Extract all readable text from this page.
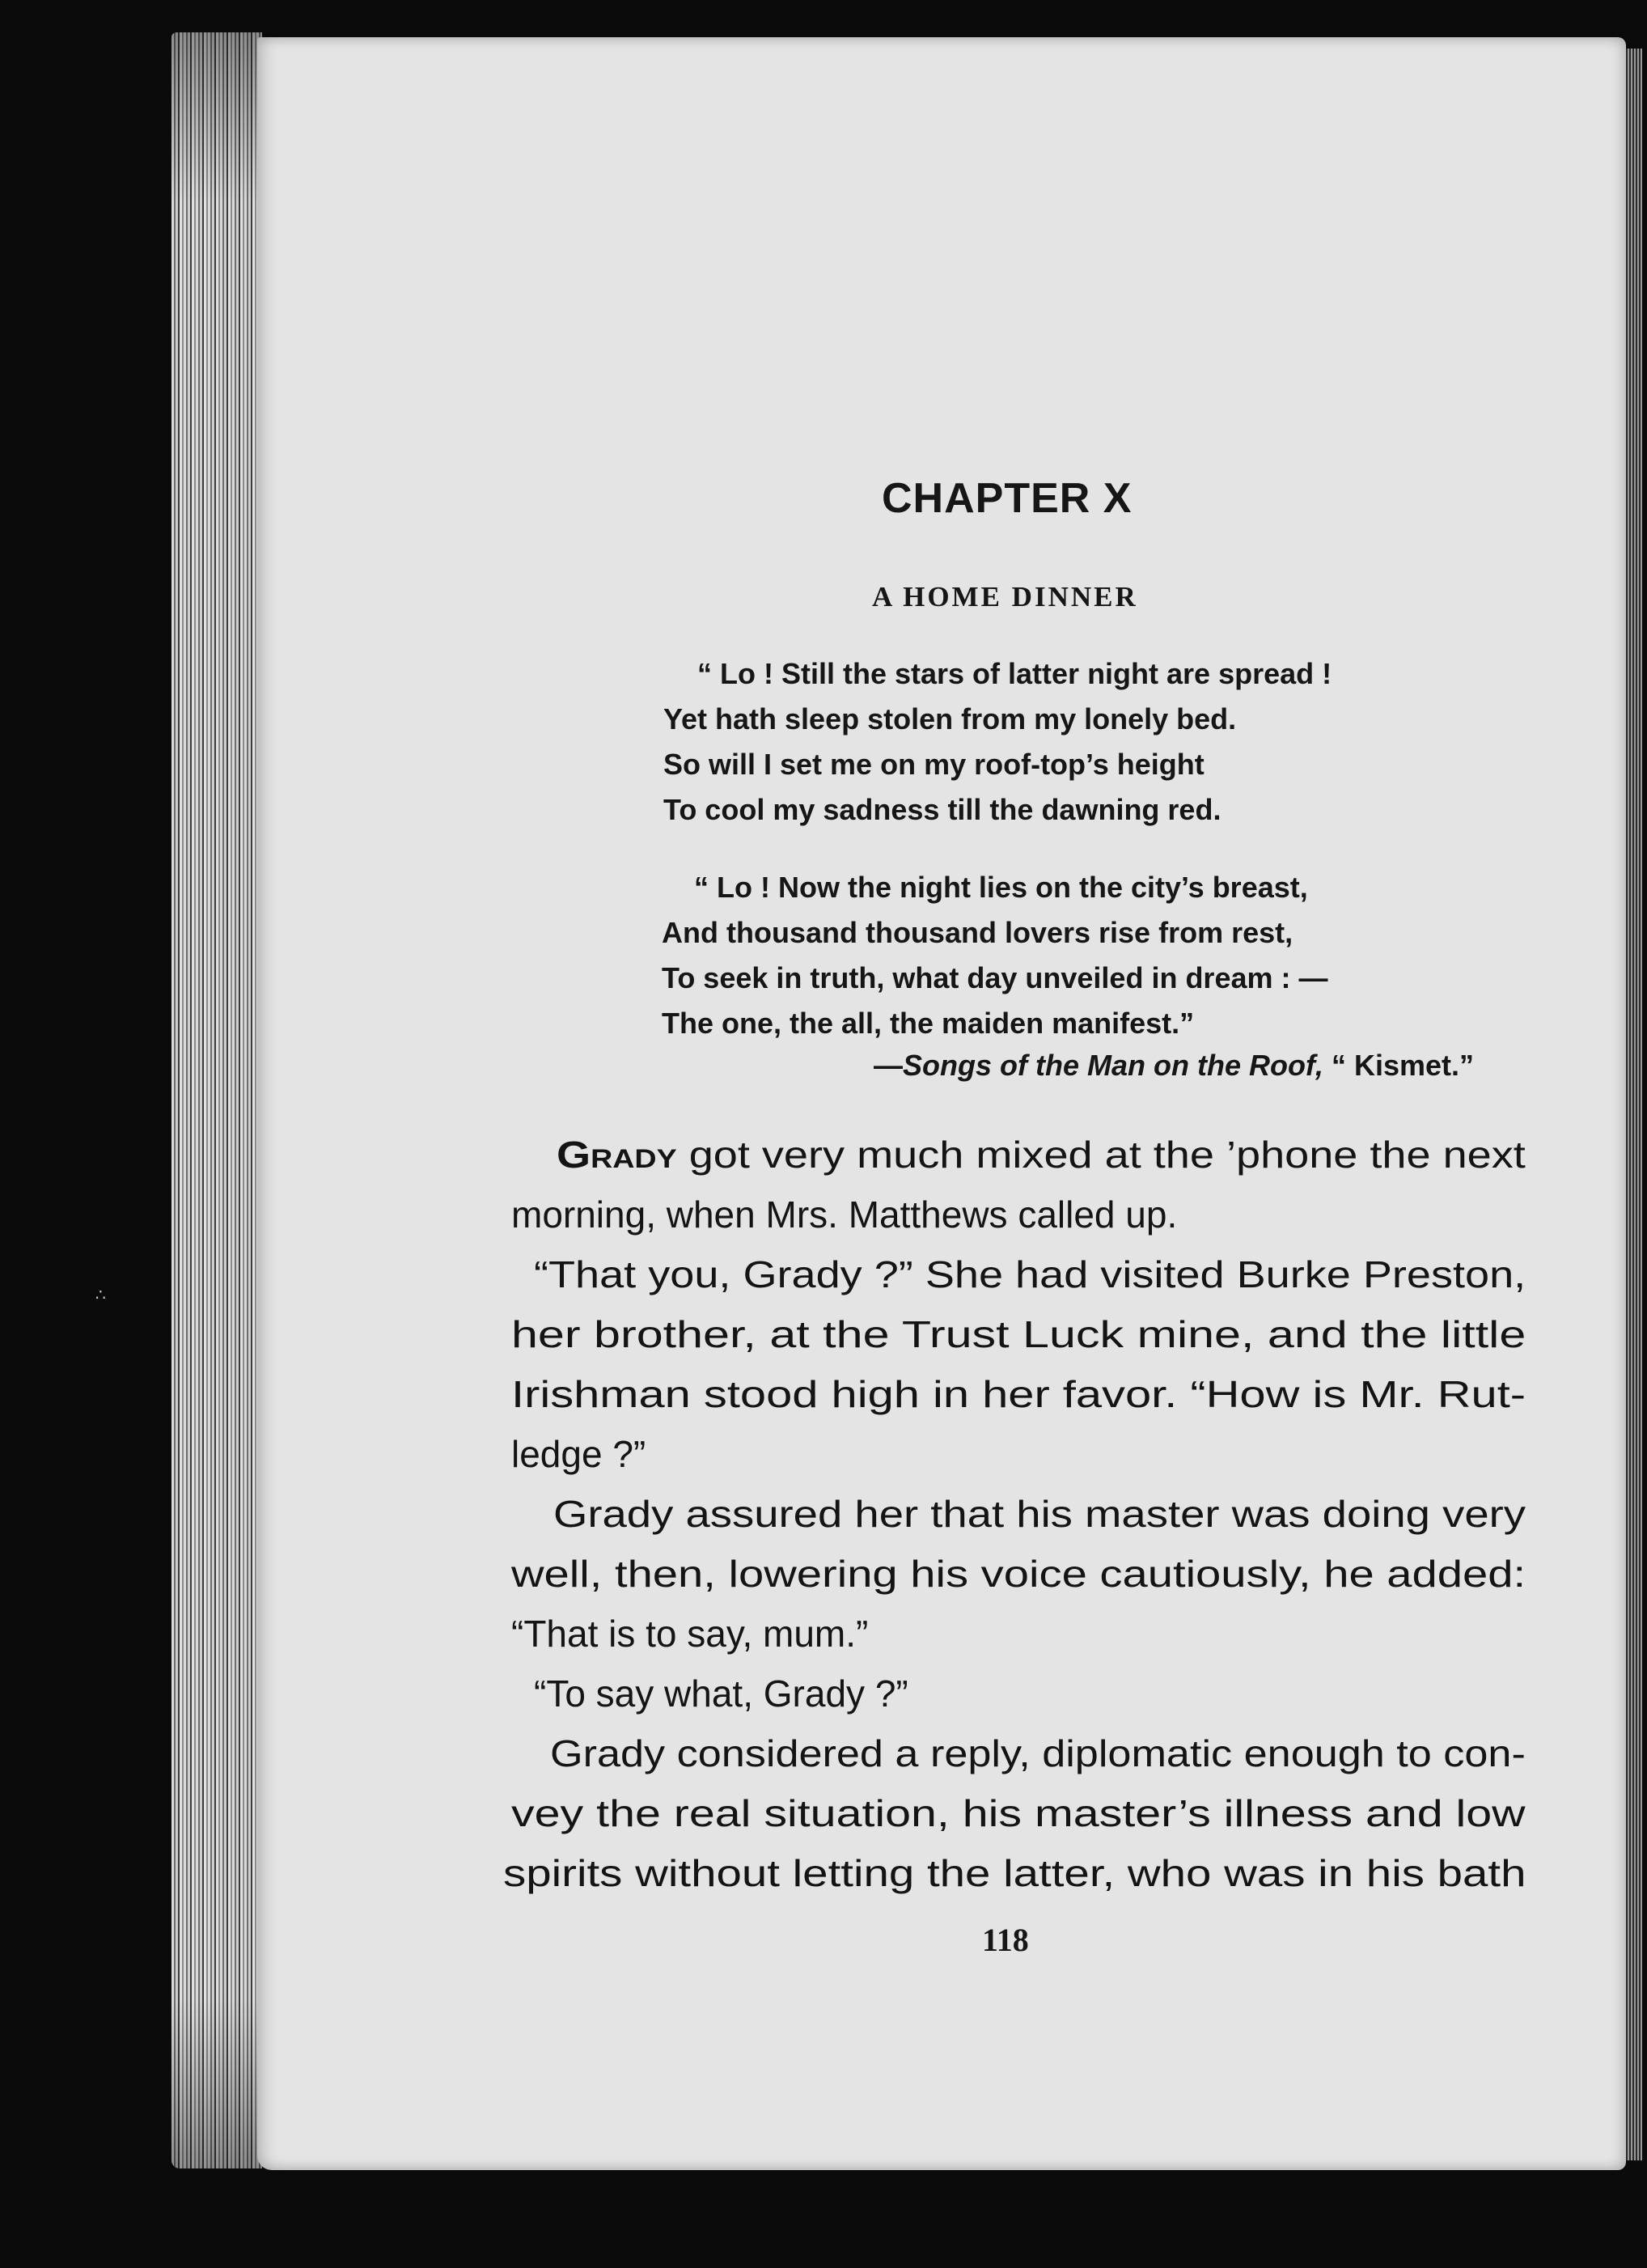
∴
CHAPTER X
A HOME DINNER
“ Lo ! Still the stars of latter night are spread !
Yet hath sleep stolen from my lonely bed.
So will I set me on my roof-top’s height
To cool my sadness till the dawning red.
“ Lo ! Now the night lies on the city’s breast,
And thousand thousand lovers rise from rest,
To seek in truth, what day unveiled in dream : —
The one, the all, the maiden manifest.”
—Songs of the Man on the Roof, “ Kismet.”
Grady got very much mixed at the ’phone the next
morning, when Mrs. Matthews called up.
“That you, Grady ?” She had visited Burke Preston,
her brother, at the Trust Luck mine, and the little
Irishman stood high in her favor. “How is Mr. Rut-
ledge ?”
Grady assured her that his master was doing very
well, then, lowering his voice cautiously, he added:
“That is to say, mum.”
“To say what, Grady ?”
Grady considered a reply, diplomatic enough to con-
vey the real situation, his master’s illness and low
spirits without letting the latter, who was in his bath
118
